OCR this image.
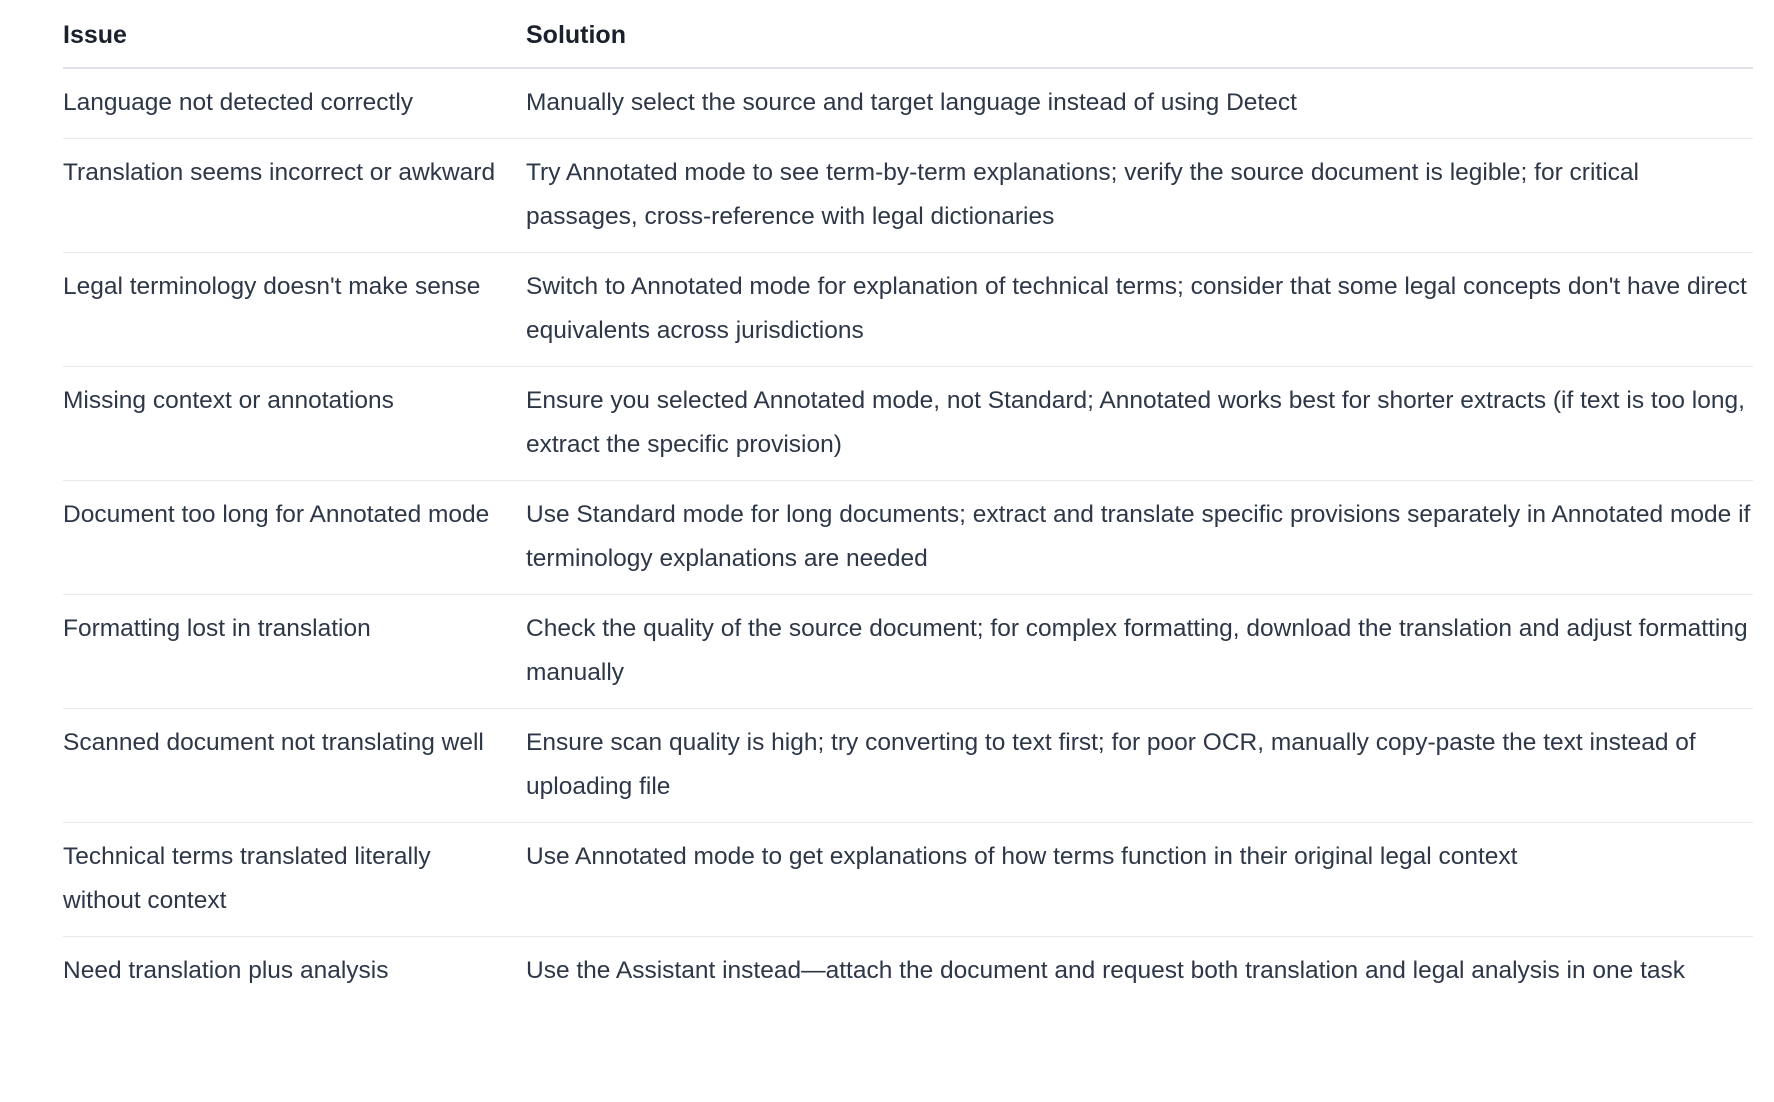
Issue	Solution
Language not detected correctly	Manually select the source and target language instead of using Detect
Translation seems incorrect or awkward	Try Annotated mode to see term-by-term explanations; verify the source document is legible; for critical passages, cross-reference with legal dictionaries
Legal terminology doesn't make sense	Switch to Annotated mode for explanation of technical terms; consider that some legal concepts don't have direct equivalents across jurisdictions
Missing context or annotations	Ensure you selected Annotated mode, not Standard; Annotated works best for shorter extracts (if text is too long, extract the specific provision)
Document too long for Annotated mode	Use Standard mode for long documents; extract and translate specific provisions separately in Annotated mode if terminology explanations are needed
Formatting lost in translation	Check the quality of the source document; for complex formatting, download the translation and adjust formatting manually
Scanned document not translating well	Ensure scan quality is high; try converting to text first; for poor OCR, manually copy-paste the text instead of uploading file
Technical terms translated literally without context	Use Annotated mode to get explanations of how terms function in their original legal context
Need translation plus analysis	Use the Assistant instead—attach the document and request both translation and legal analysis in one task
